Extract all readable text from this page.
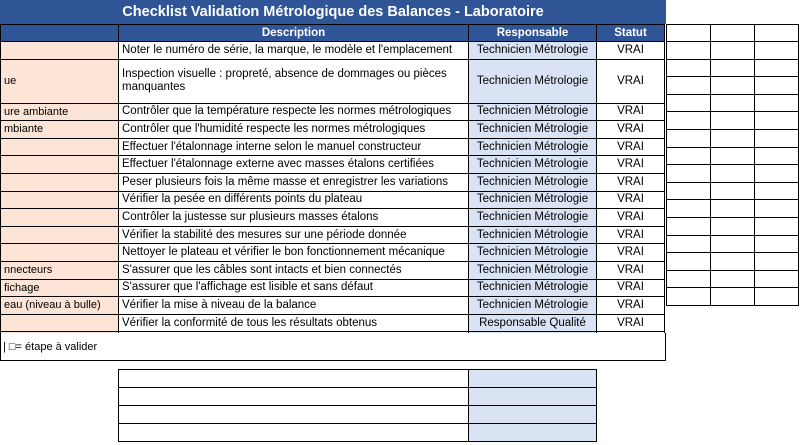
Checklist Validation Métrologique des Balances - Laboratoire
	Description	Responsable	Statut
	Noter le numéro de série, la marque, le modèle et l'emplacement	Technicien Métrologie	VRAI
ue	Inspection visuelle : propreté, absence de dommages ou pièces manquantes	Technicien Métrologie	VRAI
ure ambiante	Contrôler que la température respecte les normes métrologiques	Technicien Métrologie	VRAI
mbiante	Contrôler que l'humidité respecte les normes métrologiques	Technicien Métrologie	VRAI
	Effectuer l'étalonnage interne selon le manuel constructeur	Technicien Métrologie	VRAI
	Effectuer l'étalonnage externe avec masses étalons certifiées	Technicien Métrologie	VRAI
	Peser plusieurs fois la même masse et enregistrer les variations	Technicien Métrologie	VRAI
	Vérifier la pesée en différents points du plateau	Technicien Métrologie	VRAI
	Contrôler la justesse sur plusieurs masses étalons	Technicien Métrologie	VRAI
	Vérifier la stabilité des mesures sur une période donnée	Technicien Métrologie	VRAI
	Nettoyer le plateau et vérifier le bon fonctionnement mécanique	Technicien Métrologie	VRAI
nnecteurs	S'assurer que les câbles sont intacts et bien connectés	Technicien Métrologie	VRAI
fichage	S'assurer que l'affichage est lisible et sans défaut	Technicien Métrologie	VRAI
eau (niveau à bulle)	Vérifier la mise à niveau de la balance	Technicien Métrologie	VRAI
	Vérifier la conformité de tous les résultats obtenus	Responsable Qualité	VRAI

| □= étape à valider
